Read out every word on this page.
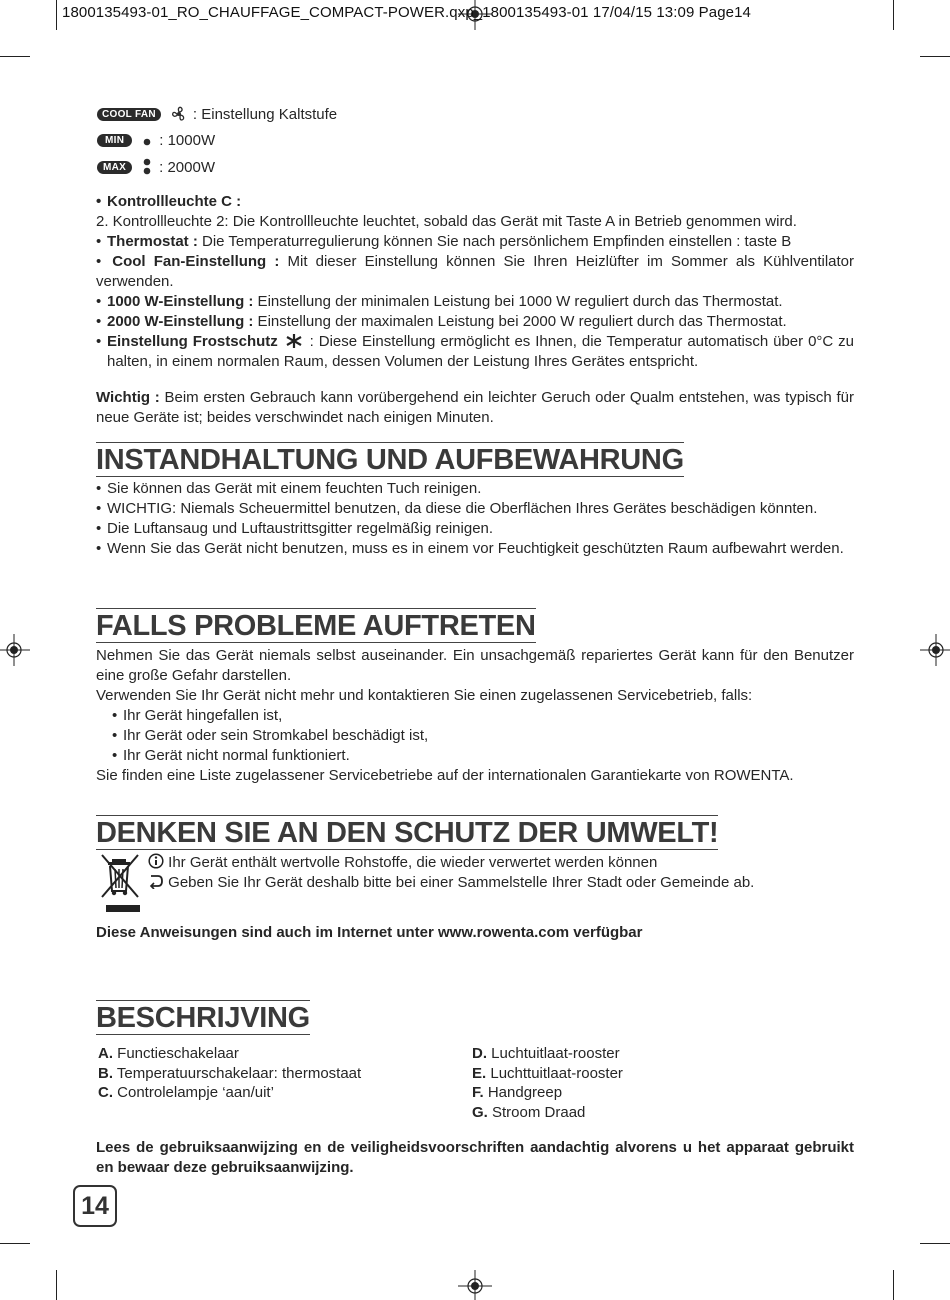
1800135493-01_RO_CHAUFFAGE_COMPACT-POWER.qxp_1800135493-01 17/04/15 13:09 Page14
COOL FAN	: Einstellung Kaltstufe
MIN	: 1000W
MAX	: 2000W

• Kontrollleuchte C :

2. Kontrollleuchte 2: Die Kontrollleuchte leuchtet, sobald das Gerät mit Taste A in Betrieb genommen wird.

• Thermostat : Die Temperaturregulierung können Sie nach persönlichem Empfinden einstellen : taste B

• Cool Fan-Einstellung : Mit dieser Einstellung können Sie Ihren Heizlüfter im Sommer als Kühlventilator verwenden.

• 1000 W-Einstellung : Einstellung der minimalen Leistung bei 1000 W reguliert durch das Thermostat.

• 2000 W-Einstellung : Einstellung der maximalen Leistung bei 2000 W reguliert durch das Thermostat.

• Einstellung Frostschutz  : Diese Einstellung ermöglicht es Ihnen, die Temperatur automatisch über 0°C zu halten, in einem normalen Raum, dessen Volumen der Leistung Ihres Gerätes entspricht.

Wichtig : Beim ersten Gebrauch kann vorübergehend ein leichter Geruch oder Qualm entstehen, was typisch für neue Geräte ist; beides verschwindet nach einigen Minuten.

INSTANDHALTUNG UND AUFBEWAHRUNG

• Sie können das Gerät mit einem feuchten Tuch reinigen.

• WICHTIG: Niemals Scheuermittel benutzen, da diese die Oberflächen Ihres Gerätes beschädigen könnten.

• Die Luftansaug und Luftaustrittsgitter regelmäßig reinigen.

• Wenn Sie das Gerät nicht benutzen, muss es in einem vor Feuchtigkeit geschützten Raum aufbewahrt werden.

FALLS PROBLEME AUFTRETEN

Nehmen Sie das Gerät niemals selbst auseinander. Ein unsachgemäß repariertes Gerät kann für den Benutzer eine große Gefahr darstellen.

Verwenden Sie Ihr Gerät nicht mehr und kontaktieren Sie einen zugelassenen Servicebetrieb, falls:

• Ihr Gerät hingefallen ist,

• Ihr Gerät oder sein Stromkabel beschädigt ist,

• Ihr Gerät nicht normal funktioniert.

Sie finden eine Liste zugelassener Servicebetriebe auf der internationalen Garantiekarte von ROWENTA.

DENKEN SIE AN DEN SCHUTZ DER UMWELT!
Ihr Gerät enthält wertvolle Rohstoffe, die wieder verwertet werden können
Geben Sie Ihr Gerät deshalb bitte bei einer Sammelstelle Ihrer Stadt oder Gemeinde ab.
Diese Anweisungen sind auch im Internet unter www.rowenta.com verfügbar
BESCHRIJVING
A. Functieschakelaar
B. Temperatuurschakelaar: thermostaat
C. Controlelampje ‘aan/uit’
D. Luchtuitlaat-rooster
E. Luchttuitlaat-rooster
F. Handgreep
G. Stroom Draad
Lees de gebruiksaanwijzing en de veiligheidsvoorschriften aandachtig alvorens u het apparaat gebruikt en bewaar deze gebruiksaanwijzing.
14
